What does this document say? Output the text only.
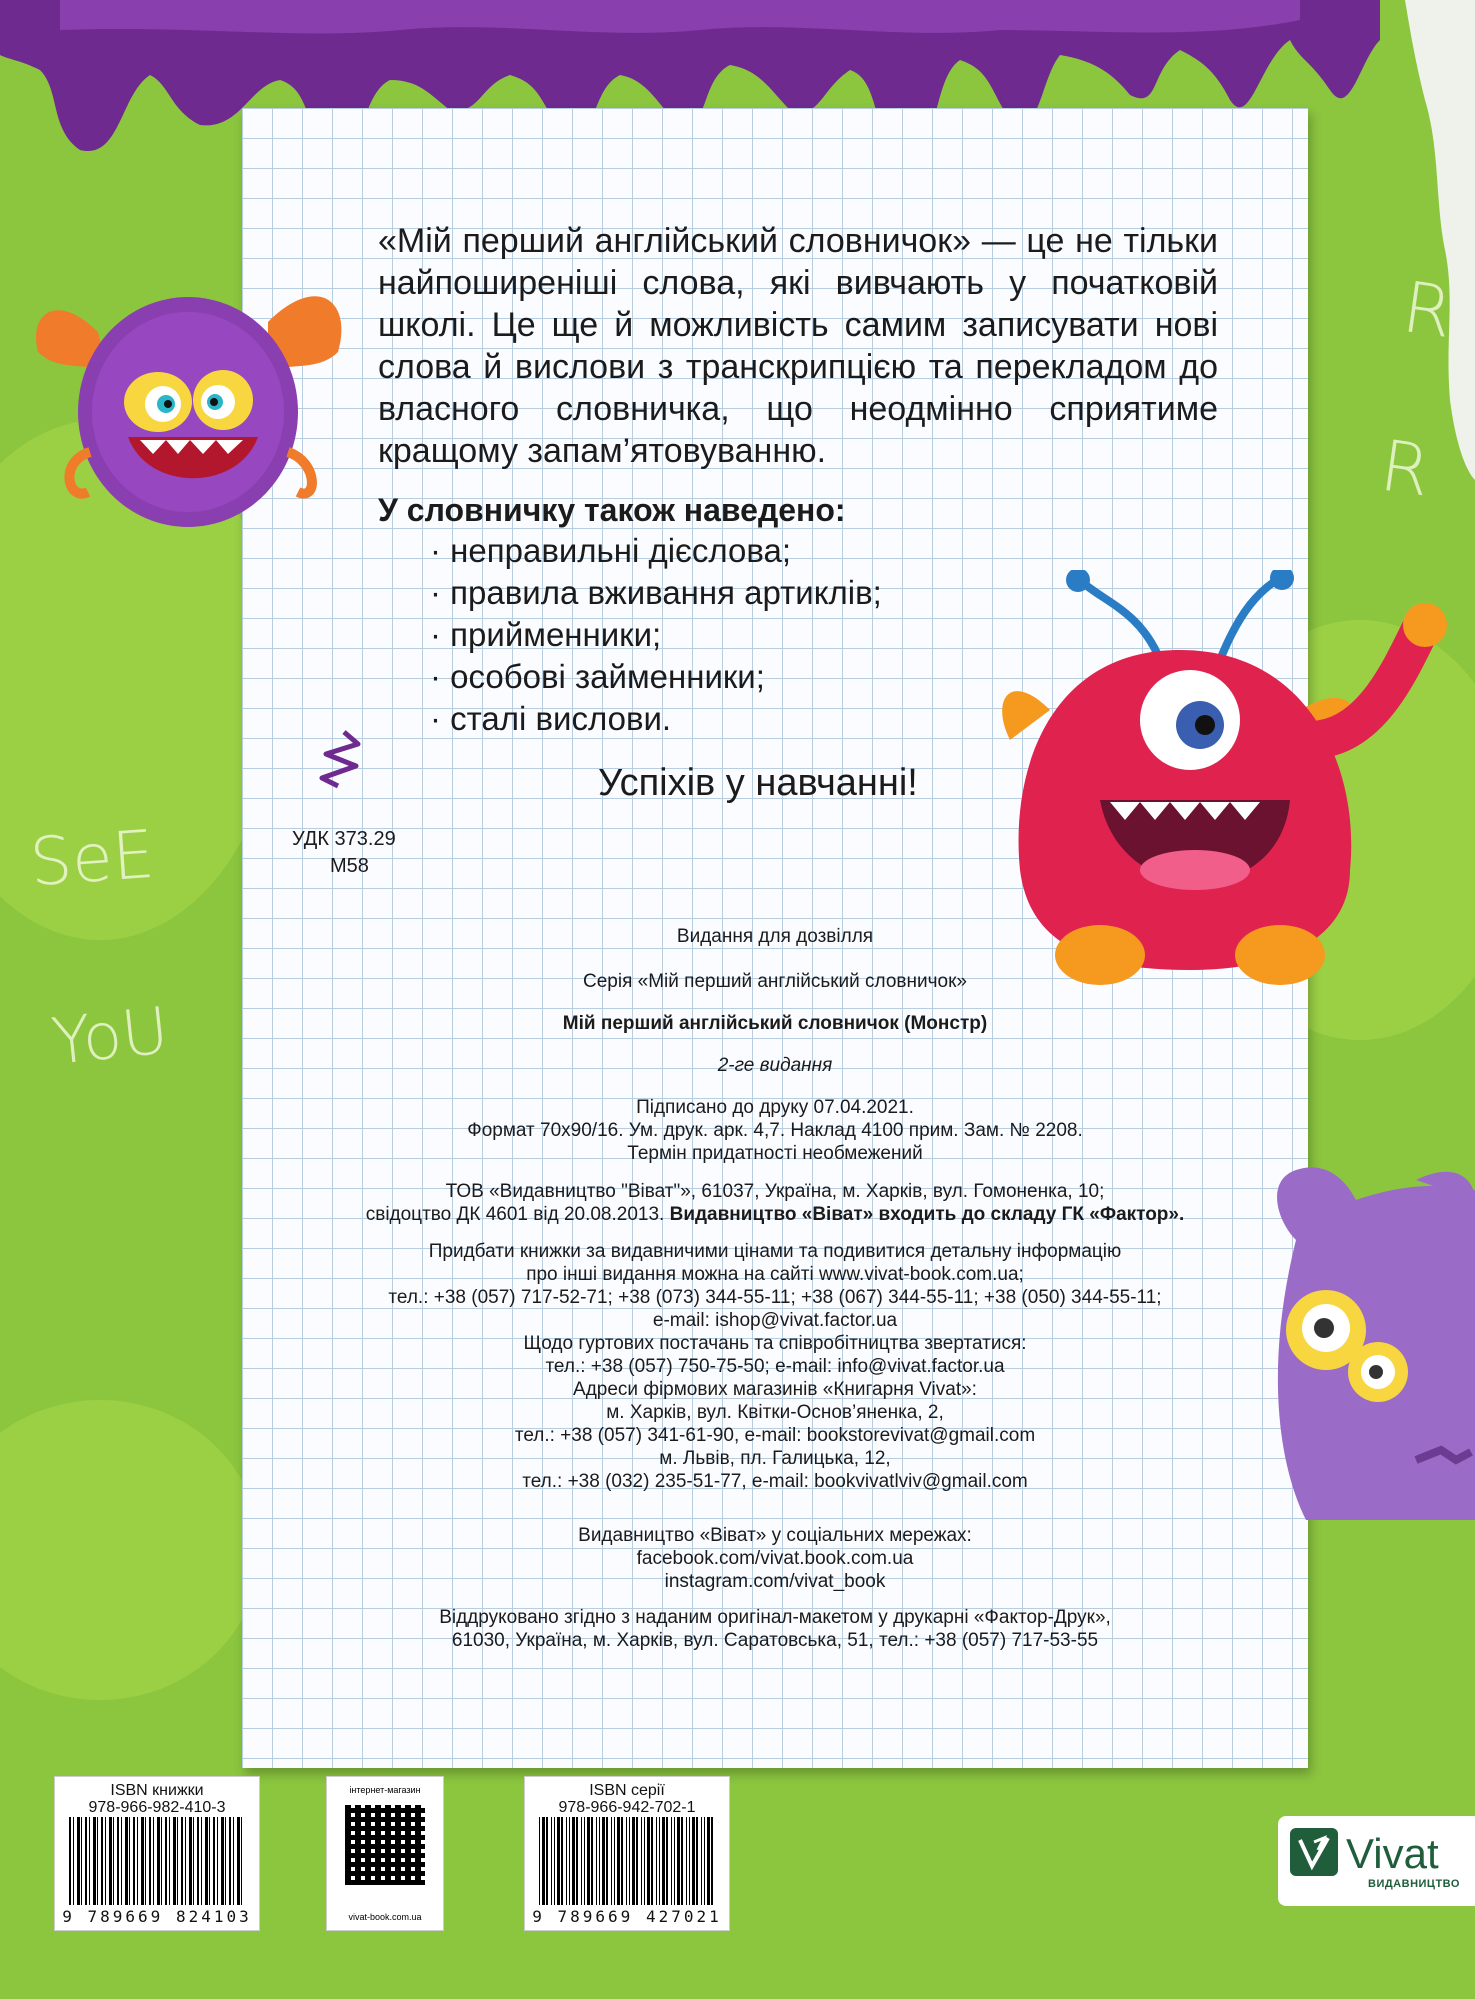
SeE
YoU
R R

«Мій перший англійський словничок» — це не тільки найпоширеніші слова, які вивчають у початковій школі. Це ще й можливість самим записувати нові слова й вислови з транскрипцією та перекладом до власного словничка, що неодмінно сприятиме кращому запам’ятовуванню.

У словничку також наведено:
· неправильні дієслова;
· правила вживання артиклів;
· прийменники;
· особові займенники;
· сталі вислови.

Успіхів у навчанні!

УДК 373.29
М58

Видання для дозвілля

Серія «Мій перший англійський словничок»

Мій перший англійський словничок (Монстр)

2-ге видання

Підписано до друку 07.04.2021.

Формат 70х90/16. Ум. друк. арк. 4,7. Наклад 4100 прим. Зам. № 2208.

Термін придатності необмежений

ТОВ «Видавництво "Віват"», 61037, Україна, м. Харків, вул. Гомоненка, 10;

свідоцтво ДК 4601 від 20.08.2013. Видавництво «Віват» входить до складу ГК «Фактор».

Придбати книжки за видавничими цінами та подивитися детальну інформацію

про інші видання можна на сайті www.vivat-book.com.ua;

тел.: +38 (057) 717-52-71; +38 (073) 344-55-11; +38 (067) 344-55-11; +38 (050) 344-55-11;

e-mail: ishop@vivat.factor.ua

Щодо гуртових постачань та співробітництва звертатися:

тел.: +38 (057) 750-75-50; e-mail: info@vivat.factor.ua

Адреси фірмових магазинів «Книгарня Vivat»:

м. Харків, вул. Квітки-Основ’яненка, 2,

тел.: +38 (057) 341-61-90, e-mail: bookstorevivat@gmail.com

м. Львів, пл. Галицька, 12,

тел.: +38 (032) 235-51-77, e-mail: bookvivatlviv@gmail.com

Видавництво «Віват» у соціальних мережах:

facebook.com/vivat.book.com.ua

instagram.com/vivat_book

Віддруковано згідно з наданим оригінал-макетом у друкарні «Фактор-Друк»,

61030, Україна, м. Харків, вул. Саратовська, 51, тел.: +38 (057) 717-53-55

ISBN книжки
978-966-982-410-3
9 789669 824103
інтернет-магазин
vivat-book.com.ua
ISBN серії
978-966-942-702-1
9 789669 427021
Vivat
ВИДАВНИЦТВО
